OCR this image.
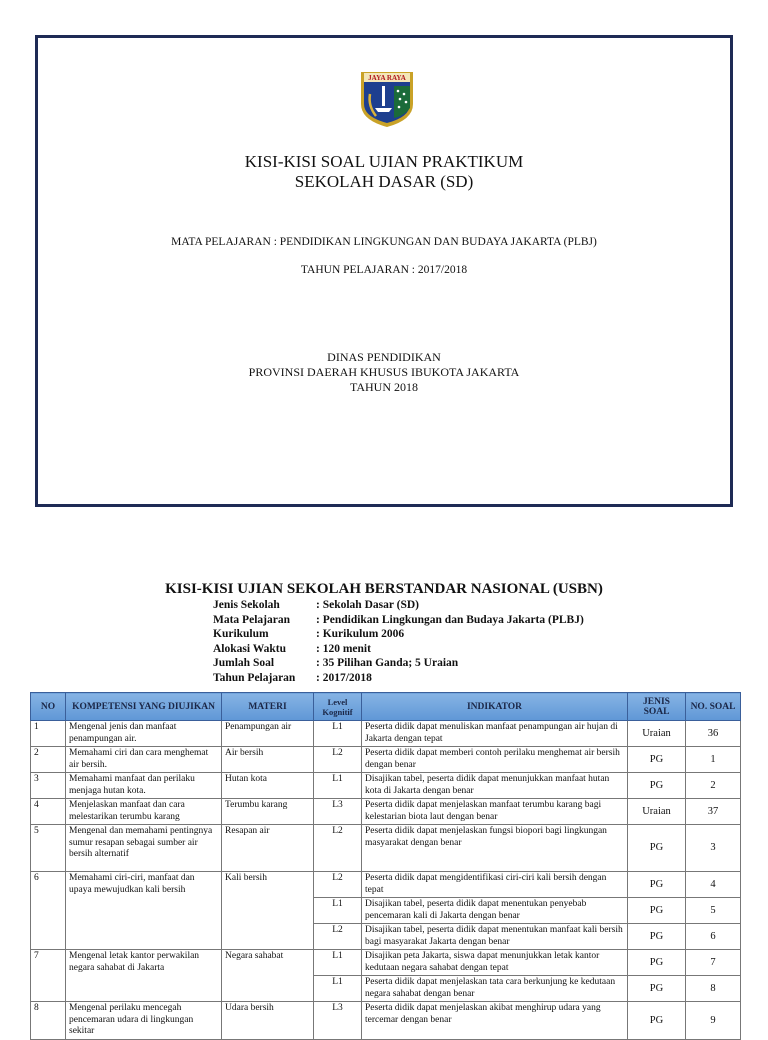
JAYA RAYA
KISI-KISI SOAL UJIAN PRAKTIKUM
SEKOLAH DASAR (SD)
MATA PELAJARAN : PENDIDIKAN LINGKUNGAN DAN BUDAYA JAKARTA (PLBJ)
TAHUN PELAJARAN : 2017/2018
DINAS PENDIDIKAN
PROVINSI DAERAH KHUSUS IBUKOTA JAKARTA
TAHUN 2018
KISI-KISI UJIAN SEKOLAH BERSTANDAR NASIONAL (USBN)
Jenis Sekolah	: Sekolah Dasar (SD)
Mata Pelajaran	: Pendidikan Lingkungan dan Budaya Jakarta (PLBJ)
Kurikulum	: Kurikulum 2006
Alokasi Waktu	: 120 menit
Jumlah Soal	: 35 Pilihan Ganda; 5 Uraian
Tahun Pelajaran	: 2017/2018
NO	KOMPETENSI YANG DIUJIKAN	MATERI	Level Kognitif	INDIKATOR	JENIS SOAL	NO. SOAL
1	Mengenal jenis dan manfaat penampungan air.	Penampungan air	L1	Peserta didik dapat menuliskan manfaat penampungan air hujan di Jakarta dengan tepat	Uraian	36
2	Memahami ciri dan cara menghemat air bersih.	Air bersih	L2	Peserta didik dapat memberi contoh perilaku menghemat air bersih dengan benar	PG	1
3	Memahami manfaat dan perilaku menjaga hutan kota.	Hutan kota	L1	Disajikan tabel, peserta didik dapat menunjukkan manfaat hutan kota di Jakarta dengan benar	PG	2
4	Menjelaskan manfaat dan cara melestarikan terumbu karang	Terumbu karang	L3	Peserta didik dapat menjelaskan manfaat terumbu karang bagi kelestarian biota laut dengan benar	Uraian	37
5	Mengenal dan memahami pentingnya sumur resapan sebagai sumber air bersih alternatif	Resapan air	L2	Peserta didik dapat menjelaskan fungsi biopori bagi lingkungan masyarakat dengan benar	PG	3
6	Memahami ciri-ciri, manfaat dan upaya mewujudkan kali bersih	Kali bersih	L2	Peserta didik dapat mengidentifikasi ciri-ciri kali bersih dengan tepat	PG	4
			L1	Disajikan tabel, peserta didik dapat menentukan penyebab pencemaran kali di Jakarta dengan benar	PG	5
			L2	Disajikan tabel, peserta didik dapat menentukan manfaat kali bersih bagi masyarakat Jakarta dengan benar	PG	6
7	Mengenal letak kantor perwakilan negara sahabat di Jakarta	Negara sahabat	L1	Disajikan peta Jakarta, siswa dapat menunjukkan letak kantor kedutaan negara sahabat dengan tepat	PG	7
			L1	Peserta didik dapat menjelaskan tata cara berkunjung ke kedutaan negara sahabat dengan benar	PG	8
8	Mengenal perilaku mencegah pencemaran udara di lingkungan sekitar	Udara bersih	L3	Peserta didik dapat menjelaskan akibat menghirup udara yang tercemar dengan benar	PG	9
